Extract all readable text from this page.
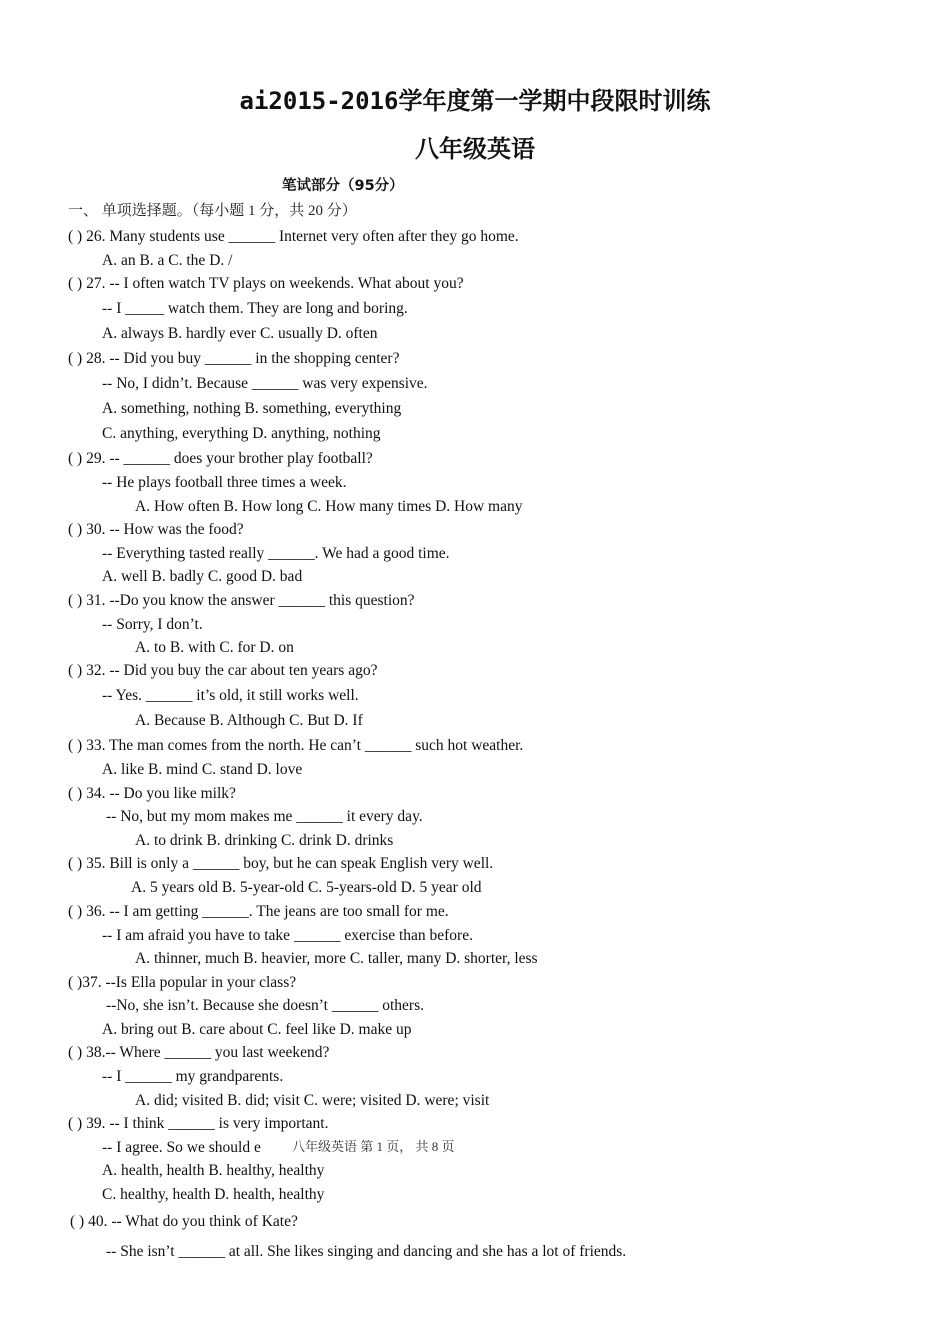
ai2015-2016学年度第一学期中段限时训练
八年级英语
笔试部分（95分）
一、 单项选择题。（每小题 1 分，共 20 分）
( ) 26. Many students use ______ Internet very often after they go home.
A. an B. a C. the D. /
( ) 27. -- I often watch TV plays on weekends. What about you?
-- I _____ watch them. They are long and boring.
A. always B. hardly ever C. usually D. often
( ) 28. -- Did you buy ______ in the shopping center?
-- No, I didn’t. Because ______ was very expensive.
A. something, nothing B. something, everything
C. anything, everything D. anything, nothing
( ) 29. -- ______ does your brother play football?
-- He plays football three times a week.
A. How often B. How long C. How many times D. How many
( ) 30. -- How was the food?
-- Everything tasted really ______. We had a good time.
A. well B. badly C. good D. bad
( ) 31. --Do you know the answer ______ this question?
-- Sorry, I don’t.
A. to B. with C. for D. on
( ) 32. -- Did you buy the car about ten years ago?
-- Yes. ______ it’s old, it still works well.
A. Because B. Although C. But D. If
( ) 33. The man comes from the north. He can’t ______ such hot weather.
A. like B. mind C. stand D. love
( ) 34. -- Do you like milk?
-- No, but my mom makes me ______ it every day.
A. to drink B. drinking C. drink D. drinks
( ) 35. Bill is only a ______ boy, but he can speak English very well.
A. 5 years old B. 5-year-old C. 5-years-old D. 5 year old
( ) 36. -- I am getting ______. The jeans are too small for me.
-- I am afraid you have to take ______ exercise than before.
A. thinner, much B. heavier, more C. taller, many D. shorter, less
( )37. --Is Ella popular in your class?
--No, she isn’t. Because she doesn’t ______ others.
A. bring out B. care about C. feel like D. make up
( ) 38.-- Where ______ you last weekend?
-- I ______ my grandparents.
A. did; visited B. did; visit C. were; visited D. were; visit
( ) 39. -- I think ______ is very important.
-- I agree. So we should e
A. health, health B. healthy, healthy
C. healthy, health D. health, healthy
八年级英语 第 1 页， 共 8 页
( ) 40. -- What do you think of Kate?
-- She isn’t ______ at all. She likes singing and dancing and she has a lot of friends.
